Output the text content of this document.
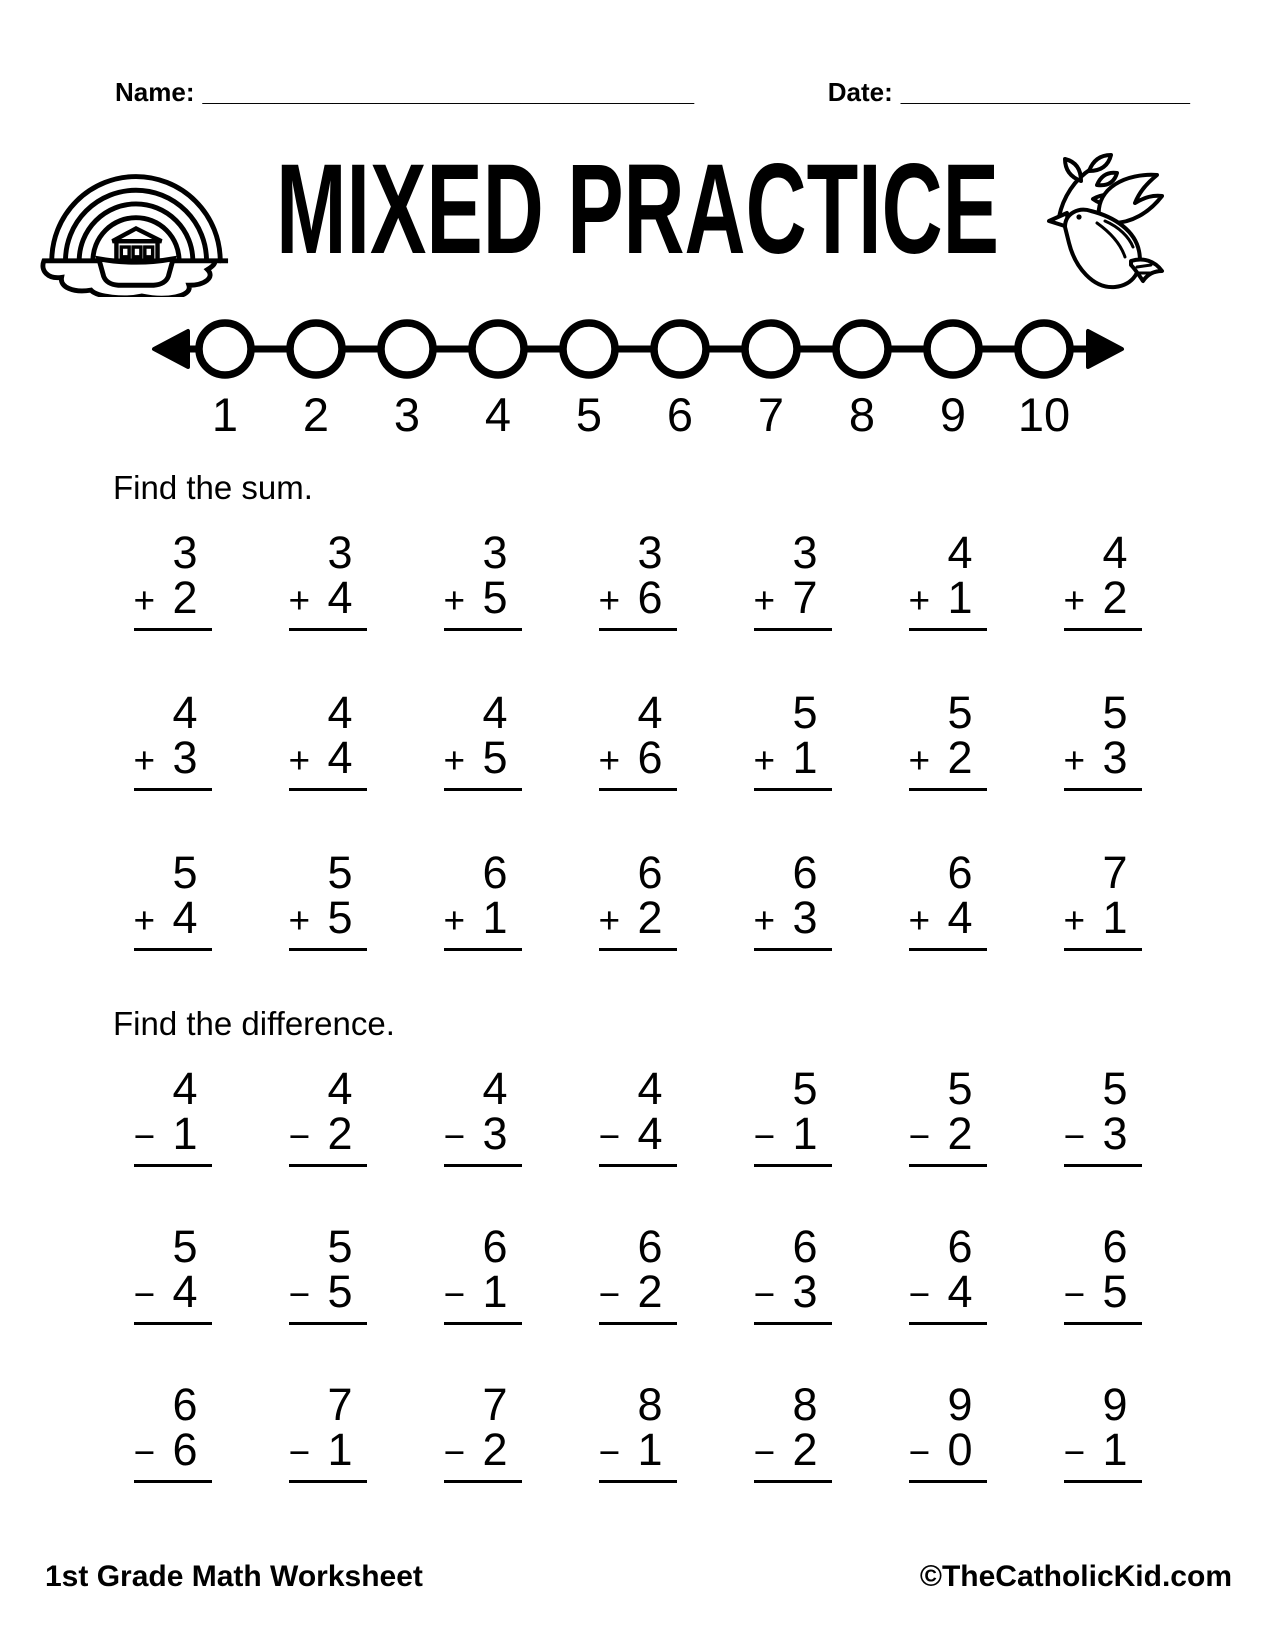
Name: __________________________________	Date: ____________________
MIXED PRACTICE
1 2 3 4 5 6 7 8 9 10
Find the sum.
3
+ 2
3
+ 4
3
+ 5
3
+ 6
3
+ 7
4
+ 1
4
+ 2
4
+ 3
4
+ 4
4
+ 5
4
+ 6
5
+ 1
5
+ 2
5
+ 3
5
+ 4
5
+ 5
6
+ 1
6
+ 2
6
+ 3
6
+ 4
7
+ 1
Find the difference.
4
− 1
4
− 2
4
− 3
4
− 4
5
− 1
5
− 2
5
− 3
5
− 4
5
− 5
6
− 1
6
− 2
6
− 3
6
− 4
6
− 5
6
− 6
7
− 1
7
− 2
8
− 1
8
− 2
9
− 0
9
− 1
1st Grade Math Worksheet	©TheCatholicKid.com
